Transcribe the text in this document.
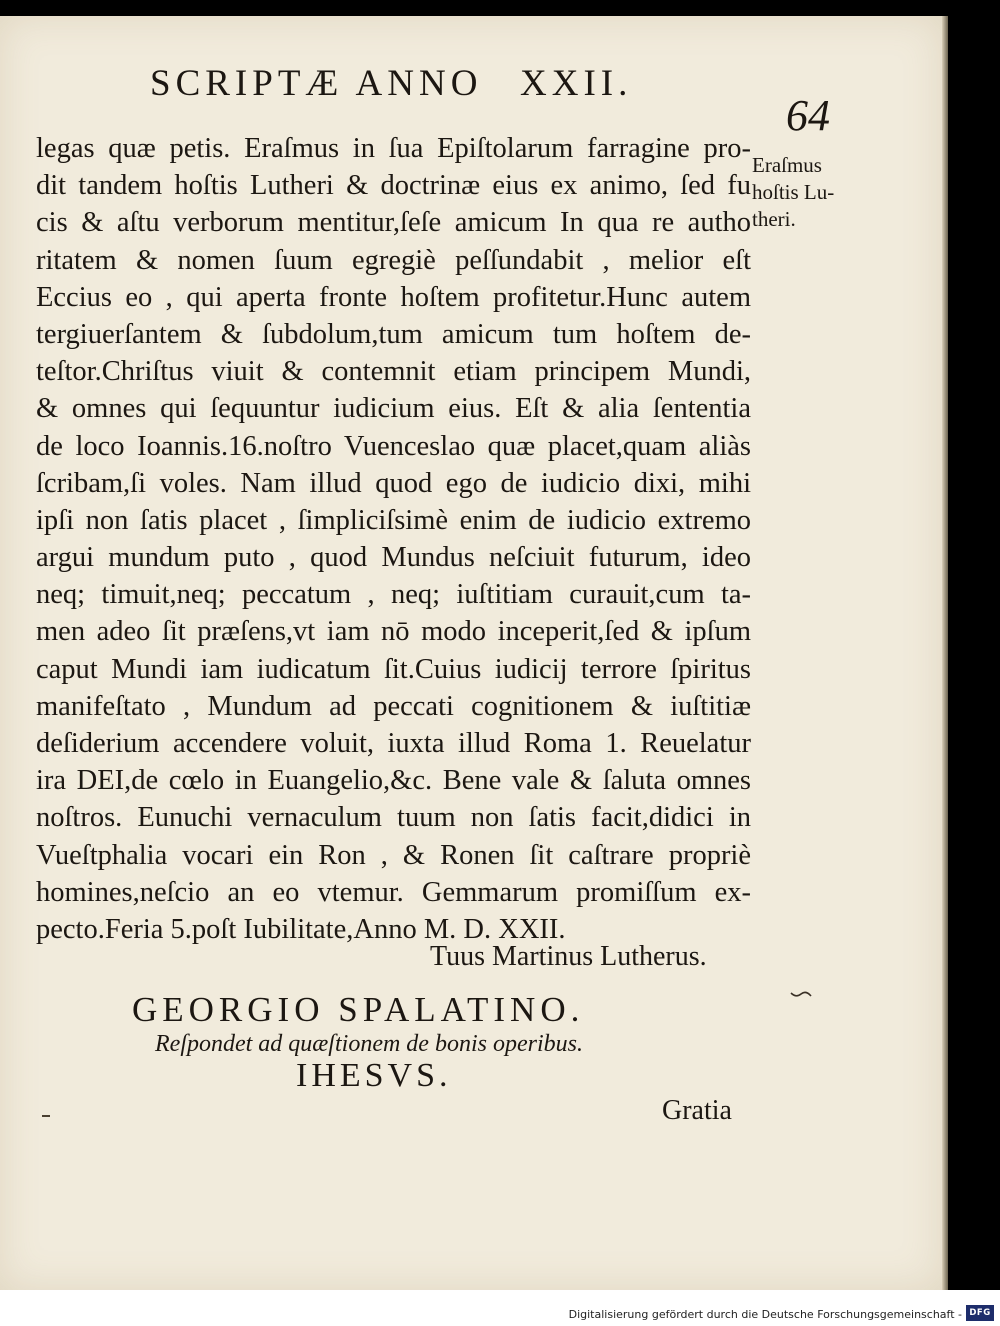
SCRIPTÆ ANNO XXII.
64
Eraſmus
hoſtis Lu-
theri.
legas quæ petis. Eraſmus in ſua Epiſtolarum farragine pro-
dit tandem hoſtis Lutheri & doctrinæ eius ex animo, ſed fu
cis & aſtu verborum mentitur,ſeſe amicum In qua re autho
ritatem & nomen ſuum egregiè peſſundabit , melior eſt
Eccius eo , qui aperta fronte hoſtem profitetur.Hunc autem
tergiuerſantem & ſubdolum,tum amicum tum hoſtem de-
teſtor.Chriſtus viuit & contemnit etiam principem Mundi,
& omnes qui ſequuntur iudicium eius. Eſt & alia ſententia
de loco Ioannis.16.noſtro Vuenceslao quæ placet,quam aliàs
ſcribam,ſi voles. Nam illud quod ego de iudicio dixi, mihi
ipſi non ſatis placet , ſimpliciſsimè enim de iudicio extremo
argui mundum puto , quod Mundus neſciuit futurum, ideo
neq; timuit,neq; peccatum , neq; iuſtitiam curauit,cum ta-
men adeo ſit præſens,vt iam nō modo inceperit,ſed & ipſum
caput Mundi iam iudicatum ſit.Cuius iudicij terrore ſpiritus
manifeſtato , Mundum ad peccati cognitionem & iuſtitiæ
deſiderium accendere voluit, iuxta illud Roma 1. Reuelatur
ira DEI,de cœlo in Euangelio,&c. Bene vale & ſaluta omnes
noſtros. Eunuchi vernaculum tuum non ſatis facit,didici in
Vueſtphalia vocari ein Ron , & Ronen ſit caſtrare propriè
homines,neſcio an eo vtemur. Gemmarum promiſſum ex-
pecto.Feria 5.poſt Iubilitate,Anno M. D. XXII.
Tuus Martinus Lutherus.
GEORGIO SPALATINO.
Reſpondet ad quæſtionem de bonis operibus.
IHESVS.
Gratia
Digitalisierung gefördert durch die Deutsche Forschungsgemeinschaft - DFG
